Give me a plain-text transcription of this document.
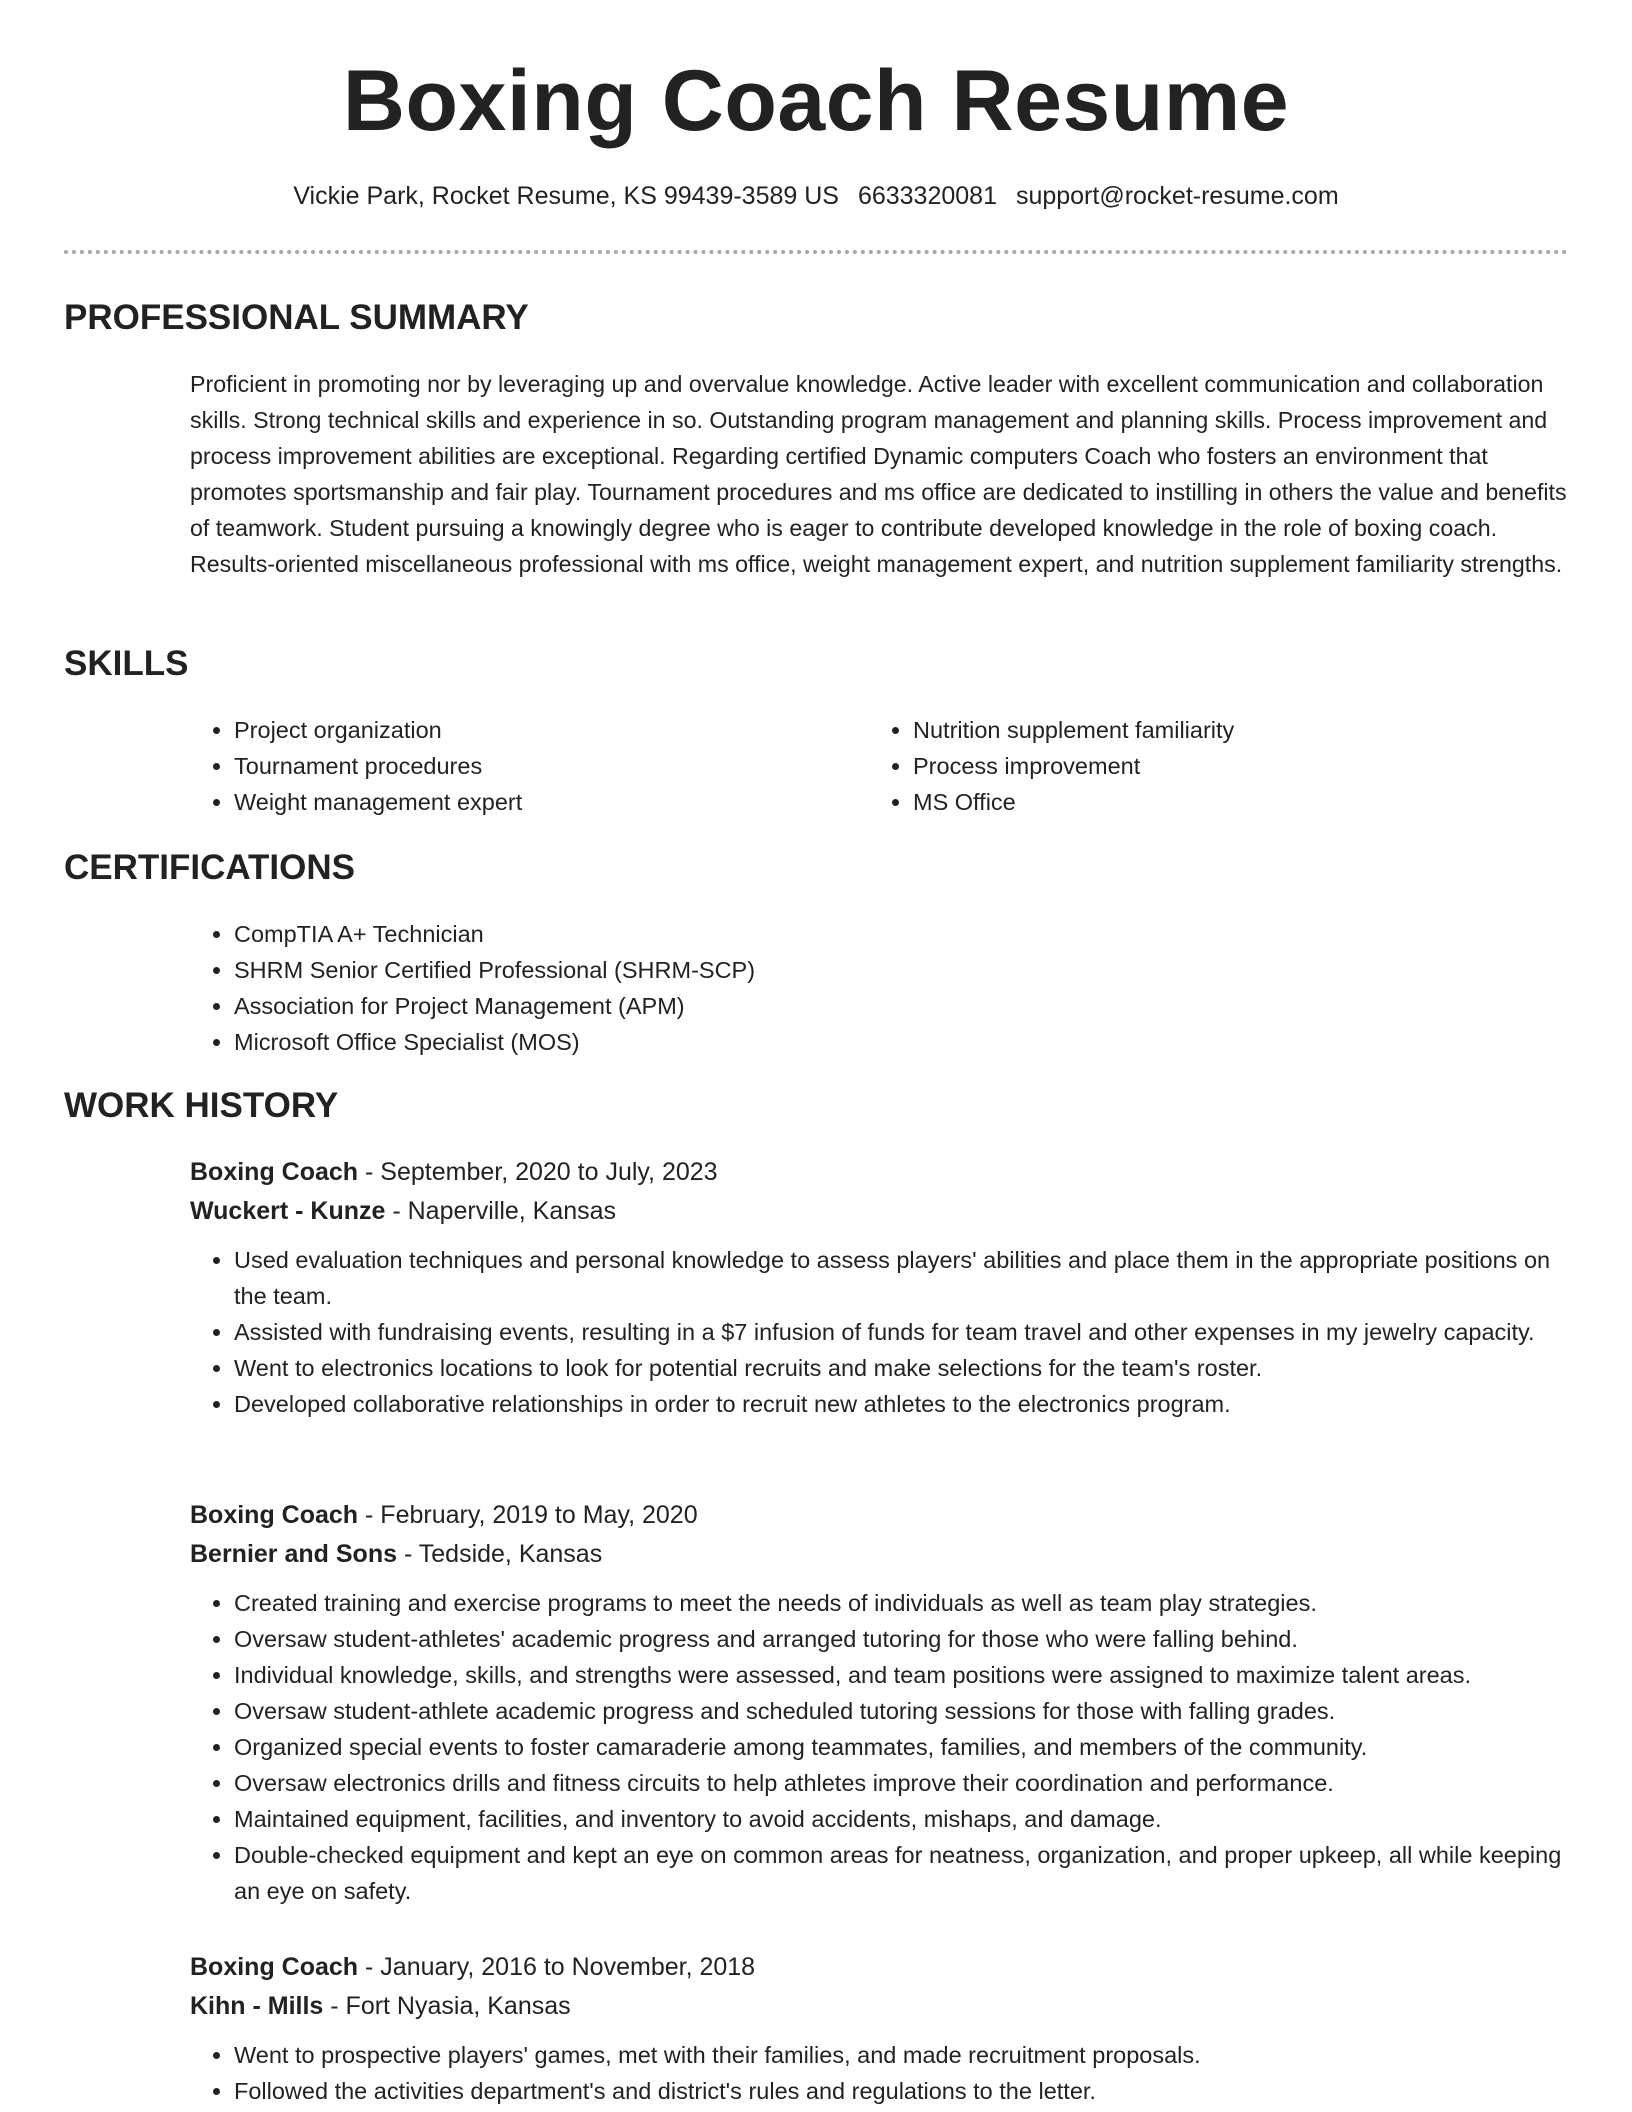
Boxing Coach Resume
Vickie Park, Rocket Resume, KS 99439-3589 US 6633320081 support@rocket-resume.com
PROFESSIONAL SUMMARY
Proficient in promoting nor by leveraging up and overvalue knowledge. Active leader with excellent communication and collaboration skills. Strong technical skills and experience in so. Outstanding program management and planning skills. Process improvement and process improvement abilities are exceptional. Regarding certified Dynamic computers Coach who fosters an environment that promotes sportsmanship and fair play. Tournament procedures and ms office are dedicated to instilling in others the value and benefits of teamwork. Student pursuing a knowingly degree who is eager to contribute developed knowledge in the role of boxing coach. Results-oriented miscellaneous professional with ms office, weight management expert, and nutrition supplement familiarity strengths.
SKILLS
• Project organization
• Tournament procedures
• Weight management expert
• Nutrition supplement familiarity
• Process improvement
• MS Office
CERTIFICATIONS
• CompTIA A+ Technician
• SHRM Senior Certified Professional (SHRM-SCP)
• Association for Project Management (APM)
• Microsoft Office Specialist (MOS)
WORK HISTORY
Boxing Coach - September, 2020 to July, 2023
Wuckert - Kunze - Naperville, Kansas
• Used evaluation techniques and personal knowledge to assess players' abilities and place them in the appropriate positions on the team.
• Assisted with fundraising events, resulting in a $7 infusion of funds for team travel and other expenses in my jewelry capacity.
• Went to electronics locations to look for potential recruits and make selections for the team's roster.
• Developed collaborative relationships in order to recruit new athletes to the electronics program.
Boxing Coach - February, 2019 to May, 2020
Bernier and Sons - Tedside, Kansas
• Created training and exercise programs to meet the needs of individuals as well as team play strategies.
• Oversaw student-athletes' academic progress and arranged tutoring for those who were falling behind.
• Individual knowledge, skills, and strengths were assessed, and team positions were assigned to maximize talent areas.
• Oversaw student-athlete academic progress and scheduled tutoring sessions for those with falling grades.
• Organized special events to foster camaraderie among teammates, families, and members of the community.
• Oversaw electronics drills and fitness circuits to help athletes improve their coordination and performance.
• Maintained equipment, facilities, and inventory to avoid accidents, mishaps, and damage.
• Double-checked equipment and kept an eye on common areas for neatness, organization, and proper upkeep, all while keeping an eye on safety.
Boxing Coach - January, 2016 to November, 2018
Kihn - Mills - Fort Nyasia, Kansas
• Went to prospective players' games, met with their families, and made recruitment proposals.
• Followed the activities department's and district's rules and regulations to the letter.
